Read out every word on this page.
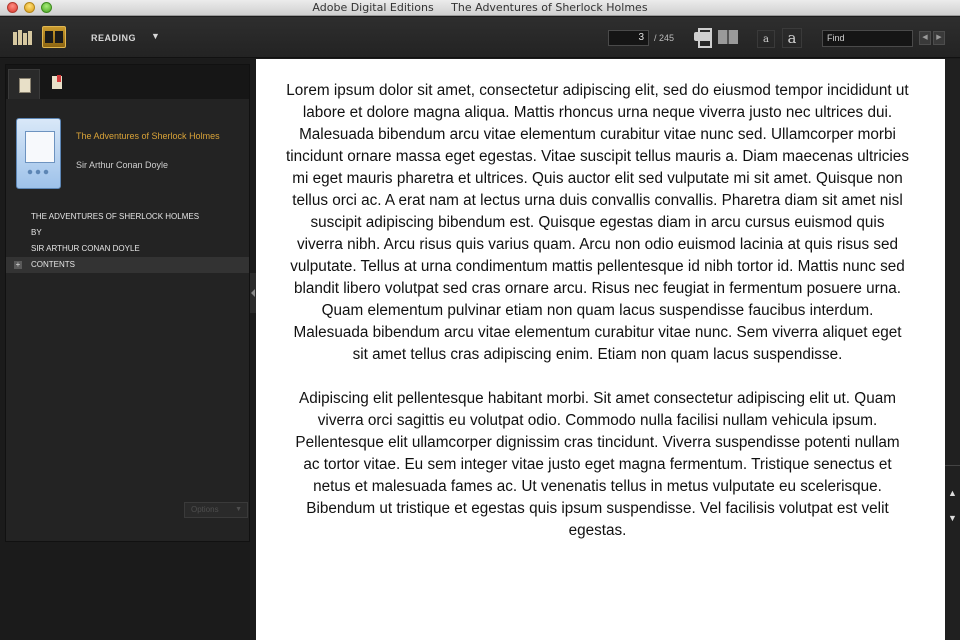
Adobe Digital Editions     The Adventures of Sherlock Holmes
READING ▼	3	/ 245	a	a	Find	◀	▶
The Adventures of Sherlock Holmes
Sir Arthur Conan Doyle
THE ADVENTURES OF SHERLOCK HOLMES
BY
SIR ARTHUR CONAN DOYLE
+ CONTENTS
Options ▼

Lorem ipsum dolor sit amet, consectetur adipiscing elit, sed do eiusmod tempor incididunt ut labore et dolore magna aliqua. Mattis rhoncus urna neque viverra justo nec ultrices dui. Malesuada bibendum arcu vitae elementum curabitur vitae nunc sed. Ullamcorper morbi tincidunt ornare massa eget egestas. Vitae suscipit tellus mauris a. Diam maecenas ultricies mi eget mauris pharetra et ultrices. Quis auctor elit sed vulputate mi sit amet. Quisque non tellus orci ac. A erat nam at lectus urna duis convallis convallis. Pharetra diam sit amet nisl suscipit adipiscing bibendum est. Quisque egestas diam in arcu cursus euismod quis viverra nibh. Arcu risus quis varius quam. Arcu non odio euismod lacinia at quis risus sed vulputate. Tellus at urna condimentum mattis pellentesque id nibh tortor id. Mattis nunc sed blandit libero volutpat sed cras ornare arcu. Risus nec feugiat in fermentum posuere urna. Quam elementum pulvinar etiam non quam lacus suspendisse faucibus interdum. Malesuada bibendum arcu vitae elementum curabitur vitae nunc. Sem viverra aliquet eget sit amet tellus cras adipiscing enim. Etiam non quam lacus suspendisse.

Adipiscing elit pellentesque habitant morbi. Sit amet consectetur adipiscing elit ut. Quam viverra orci sagittis eu volutpat odio. Commodo nulla facilisi nullam vehicula ipsum. Pellentesque elit ullamcorper dignissim cras tincidunt. Viverra suspendisse potenti nullam ac tortor vitae. Eu sem integer vitae justo eget magna fermentum. Tristique senectus et netus et malesuada fames ac. Ut venenatis tellus in metus vulputate eu scelerisque. Bibendum ut tristique et egestas quis ipsum suspendisse. Vel facilisis volutpat est velit egestas.

▲
▼
